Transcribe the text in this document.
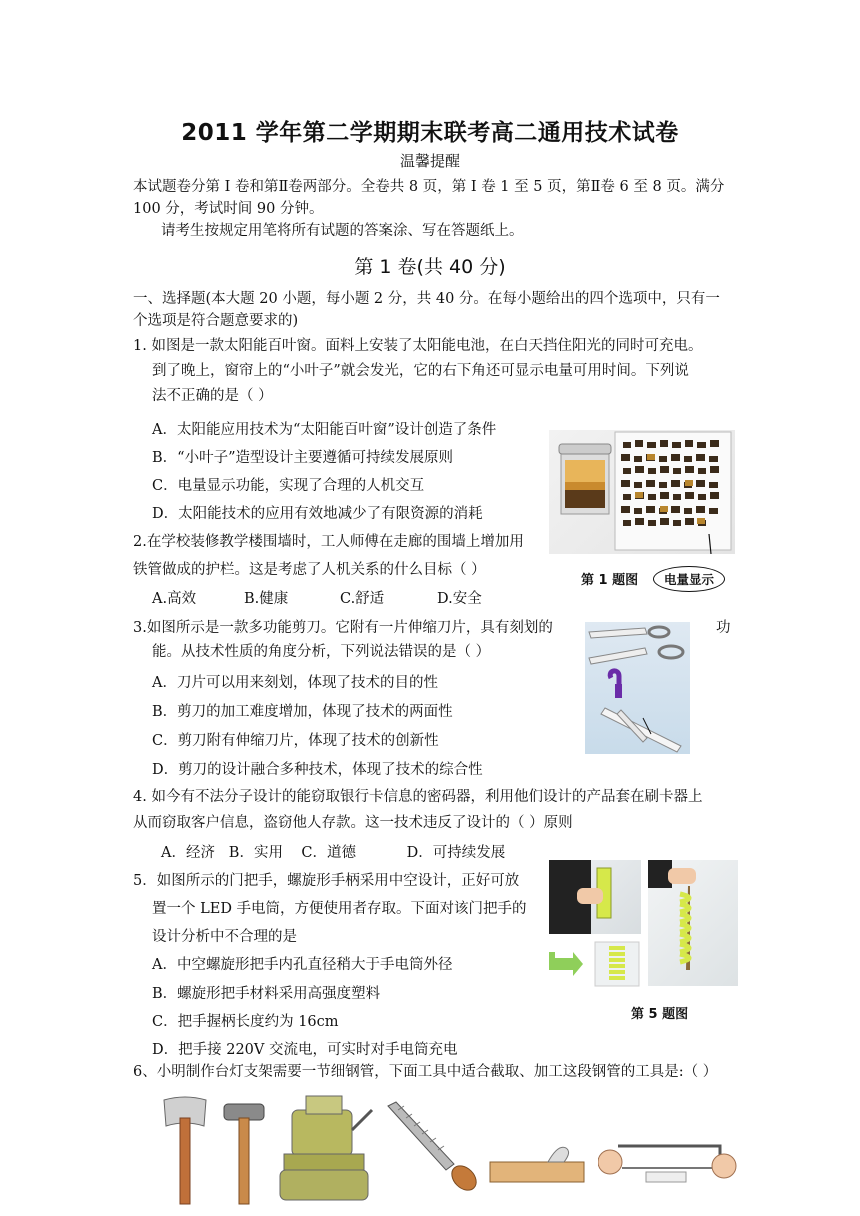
2011 学年第二学期期末联考高二通用技术试卷
温馨提醒
本试题卷分第 I 卷和第Ⅱ卷两部分。全卷共 8 页，第 I 卷 1 至 5 页，第Ⅱ卷 6 至 8 页。满分
100 分，考试时间 90 分钟。
请考生按规定用笔将所有试题的答案涂、写在答题纸上。
第 1 卷(共 40 分)
一、选择题(本大题 20 小题，每小题 2 分，共 40 分。在每小题给出的四个选项中，只有一
个选项是符合题意要求的)
1. 如图是一款太阳能百叶窗。面料上安装了太阳能电池，在白天挡住阳光的同时可充电。
到了晚上，窗帘上的“小叶子”就会发光，它的右下角还可显示电量可用时间。下列说
法不正确的是（ ）
A．太阳能应用技术为“太阳能百叶窗”设计创造了条件
B．“小叶子”造型设计主要遵循可持续发展原则
C．电量显示功能，实现了合理的人机交互
D．太阳能技术的应用有效地减少了有限资源的消耗
第 1 题图	电量显示
2.在学校装修教学楼围墙时，工人师傅在走廊的围墙上增加用
铁管做成的护栏。这是考虑了人机关系的什么目标（ ）
A.高效	B.健康	C.舒适	D.安全
3.如图所示是一款多功能剪刀。它附有一片伸缩刀片，具有刻划的	功
能。从技术性质的角度分析，下列说法错误的是（ ）
A．刀片可以用来刻划，体现了技术的目的性
B．剪刀的加工难度增加，体现了技术的两面性
C．剪刀附有伸缩刀片，体现了技术的创新性
D．剪刀的设计融合多种技术，体现了技术的综合性
4. 如今有不法分子设计的能窃取银行卡信息的密码器，利用他们设计的产品套在刷卡器上
从而窃取客户信息，盗窃他人存款。这一技术违反了设计的（ ）原则
A．经济   B．实用    C．道德           D．可持续发展
5．如图所示的门把手，螺旋形手柄采用中空设计，正好可放
置一个 LED 手电筒，方便使用者存取。下面对该门把手的
设计分析中不合理的是
A．中空螺旋形把手内孔直径稍大于手电筒外径
B．螺旋形把手材料采用高强度塑料
C．把手握柄长度约为 16cm
D．把手接 220V 交流电，可实时对手电筒充电
第 5 题图
6、小明制作台灯支架需要一节细钢管，下面工具中适合截取、加工这段钢管的工具是:（ ）
